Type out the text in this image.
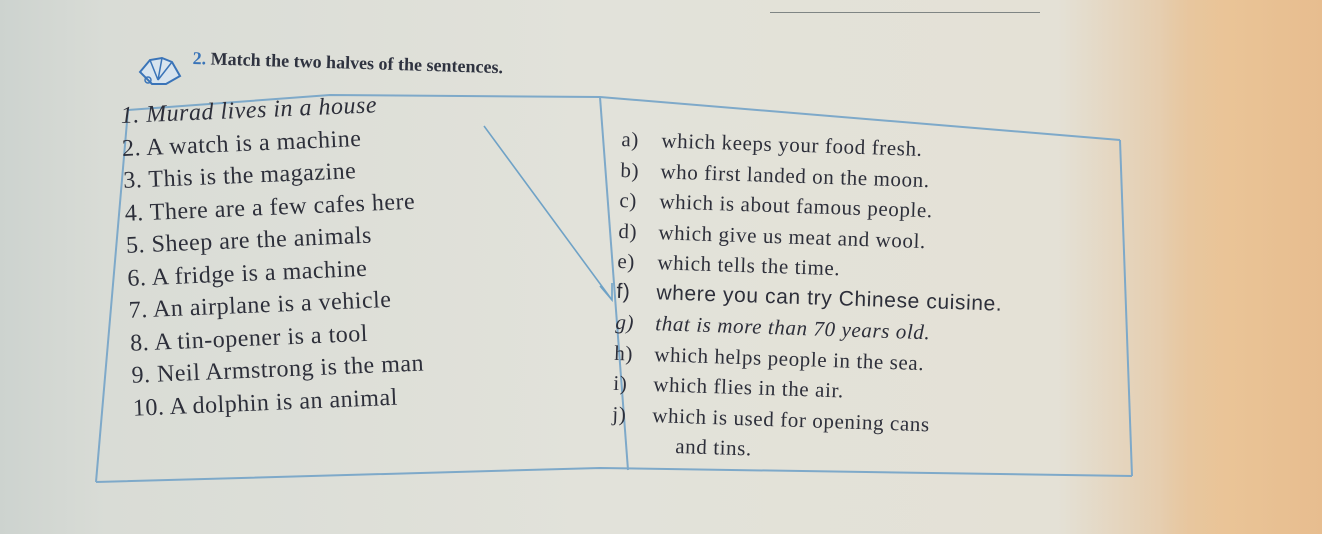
2. Match the two halves of the sentences.
1. Murad lives in a house
2. A watch is a machine
3. This is the magazine
4. There are a few cafes here
5. Sheep are the animals
6. A fridge is a machine
7. An airplane is a vehicle
8. A tin-opener is a tool
9. Neil Armstrong is the man
10. A dolphin is an animal
a) which keeps your food fresh.
b) who first landed on the moon.
c) which is about famous people.
d) which give us meat and wool.
e) which tells the time.
f) where you can try Chinese cuisine.
g) that is more than 70 years old.
h) which helps people in the sea.
i) which flies in the air.
j) which is used for opening cans
and tins.
